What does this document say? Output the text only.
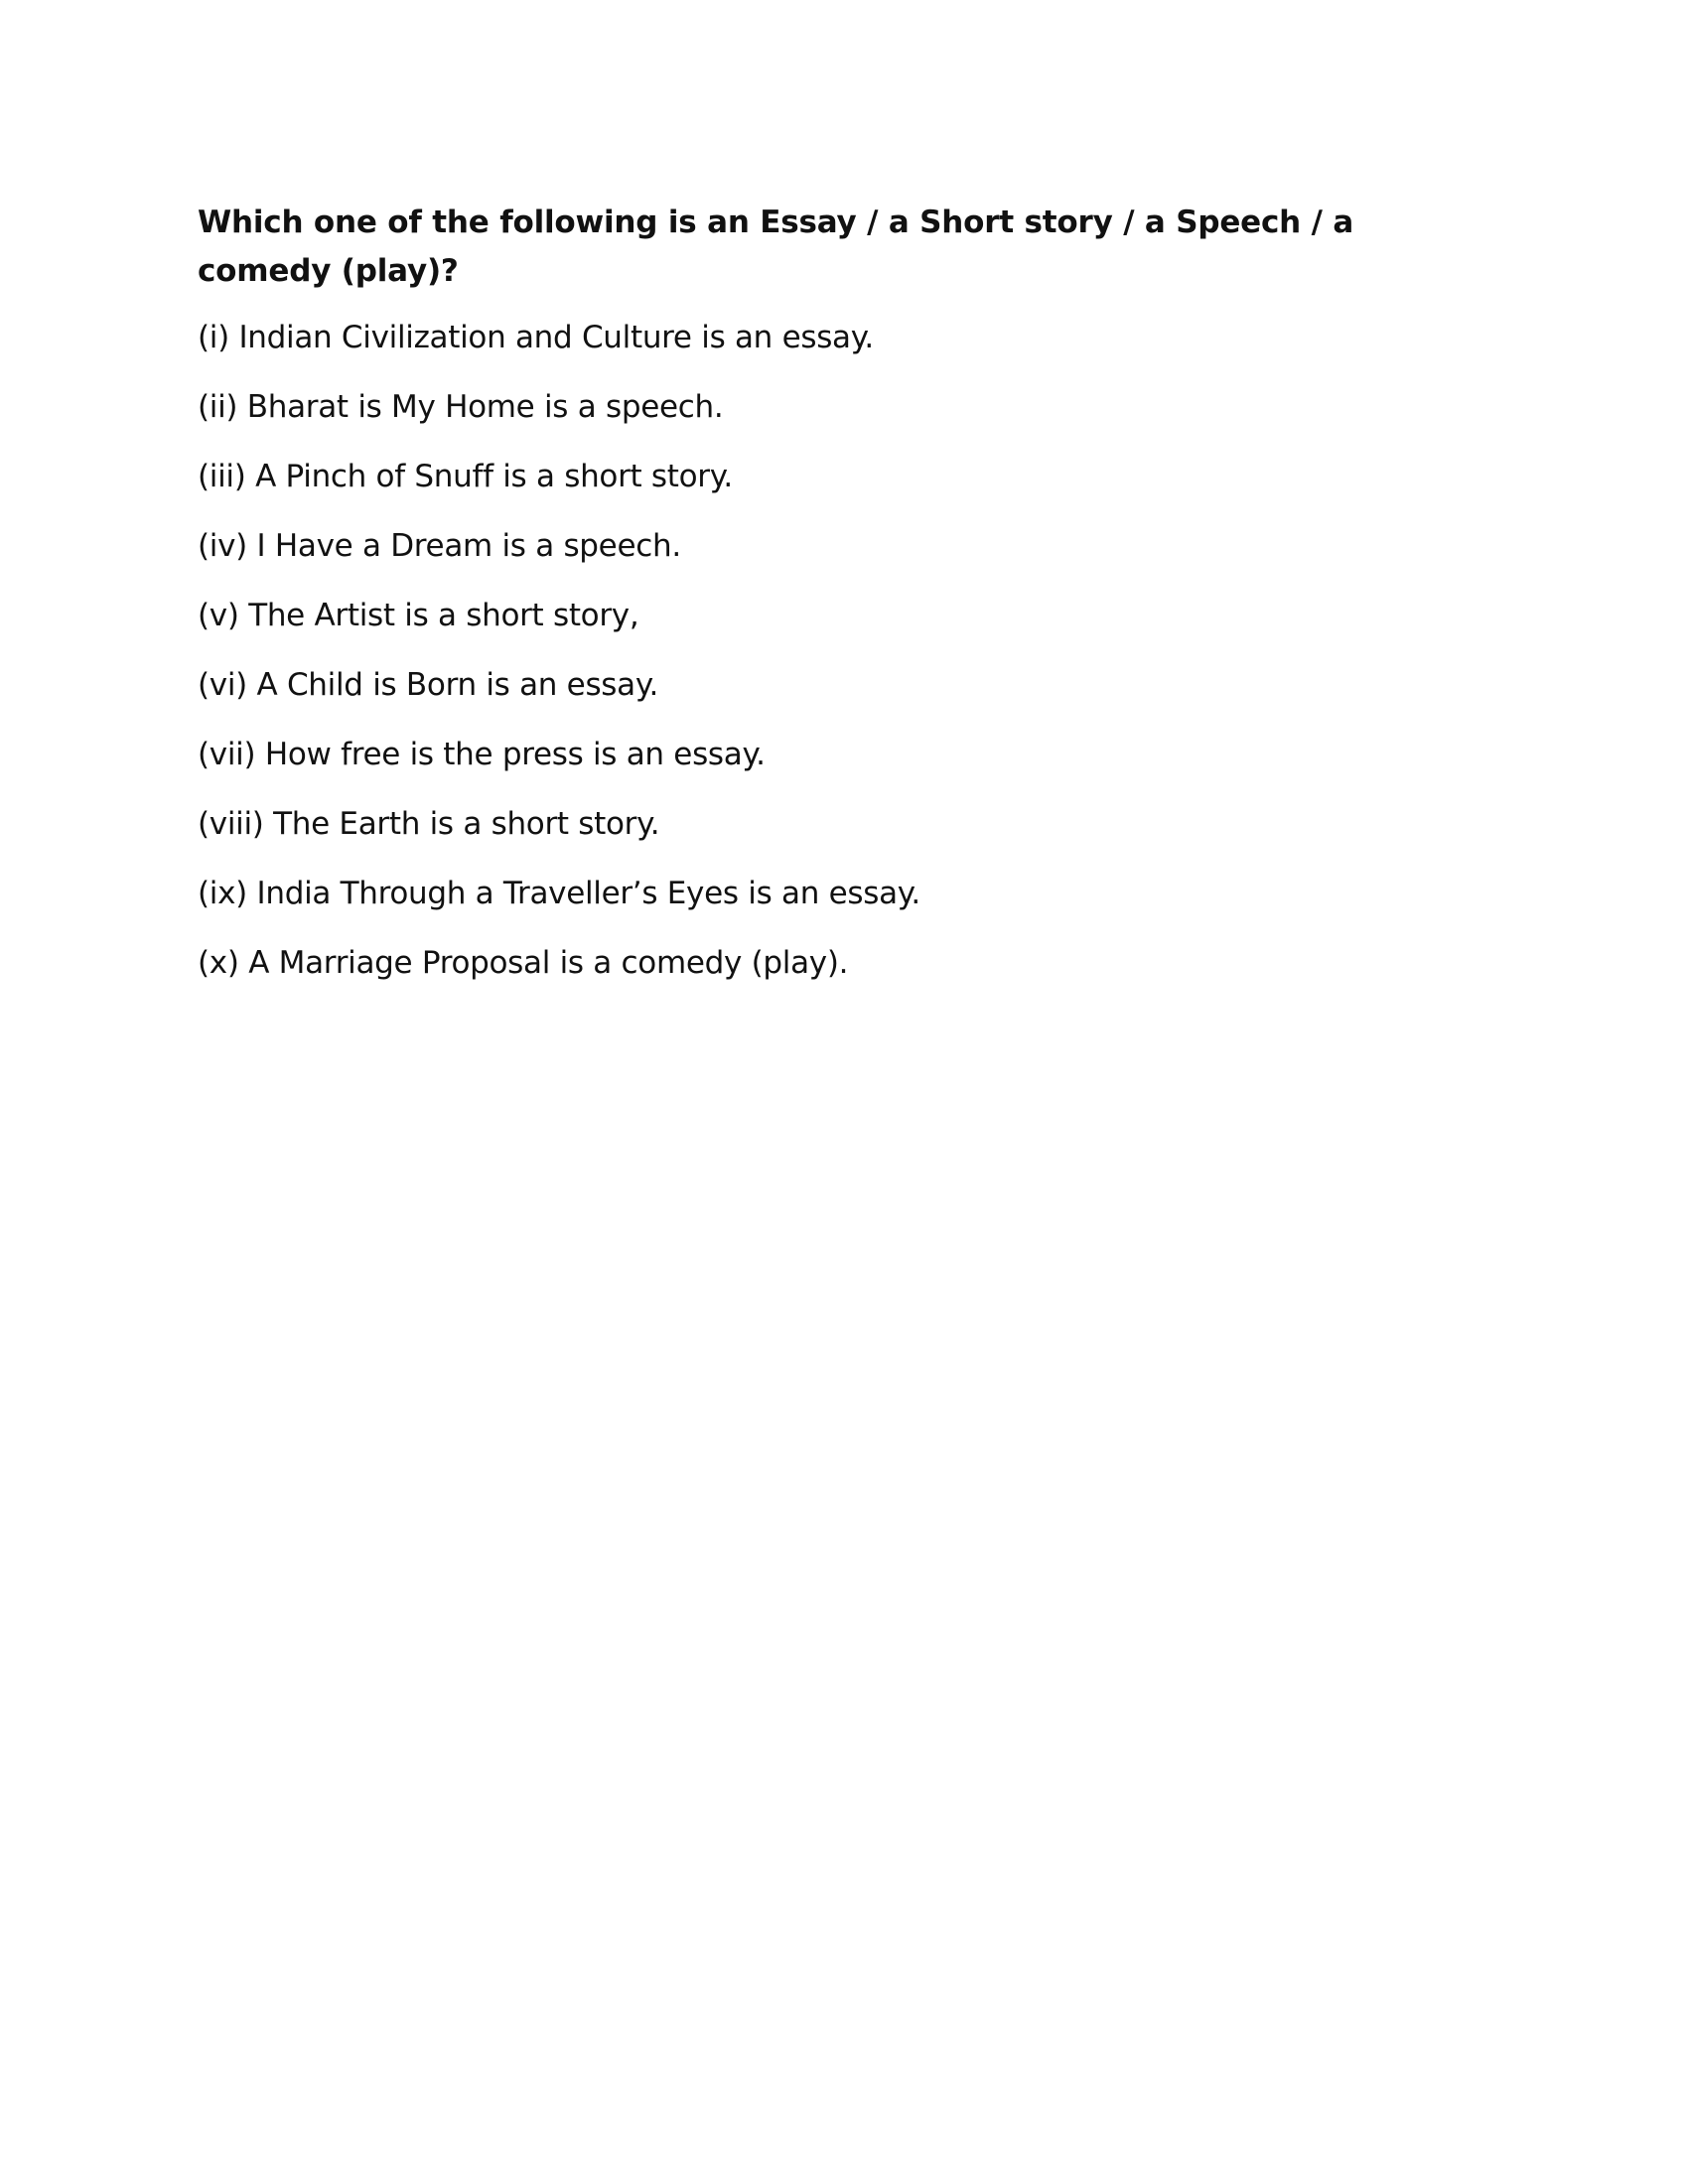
Which one of the following is an Essay / a Short story / a Speech / a comedy (play)?

(i) Indian Civilization and Culture is an essay.
(ii) Bharat is My Home is a speech.
(iii) A Pinch of Snuff is a short story.
(iv) I Have a Dream is a speech.
(v) The Artist is a short story,
(vi) A Child is Born is an essay.
(vii) How free is the press is an essay.
(viii) The Earth is a short story.
(ix) India Through a Traveller’s Eyes is an essay.
(x) A Marriage Proposal is a comedy (play).
